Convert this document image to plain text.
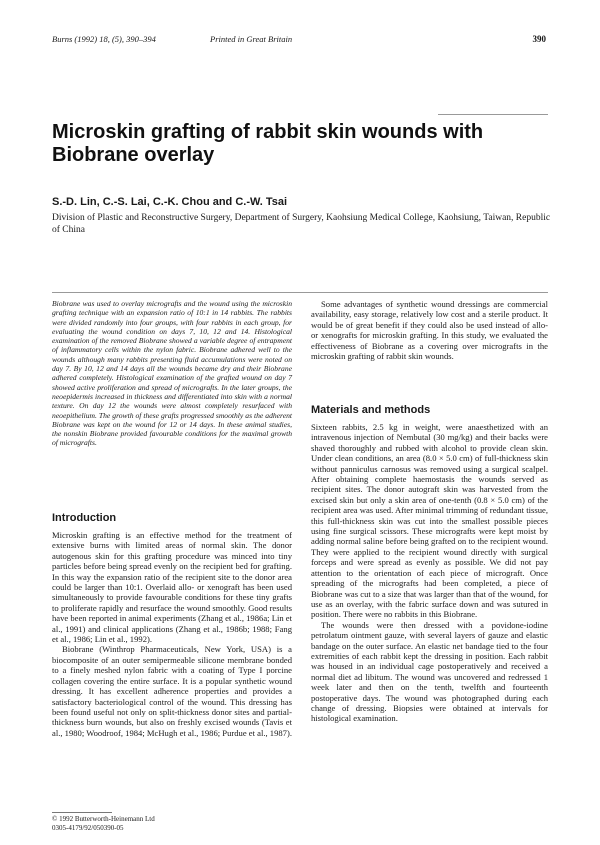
Burns (1992) 18, (5), 390–394	Printed in Great Britain	390
Microskin grafting of rabbit skin wounds with Biobrane overlay
S.-D. Lin, C.-S. Lai, C.-K. Chou and C.-W. Tsai
Division of Plastic and Reconstructive Surgery, Department of Surgery, Kaohsiung Medical College, Kaohsiung, Taiwan, Republic of China
Biobrane was used to overlay micrografts and the wound using the microskin grafting technique with an expansion ratio of 10:1 in 14 rabbits. The rabbits were divided randomly into four groups, with four rabbits in each group, for evaluating the wound condition on days 7, 10, 12 and 14. Histological examination of the removed Biobrane showed a variable degree of entrapment of inflammatory cells within the nylon fabric. Biobrane adhered well to the wounds although many rabbits presenting fluid accumulations were noted on day 7. By 10, 12 and 14 days all the wounds became dry and their Biobrane adhered completely. Histological examination of the grafted wound on day 7 showed active proliferation and spread of micrografts. In the later groups, the neoepidermis increased in thickness and differentiated into skin with a normal texture. On day 12 the wounds were almost completely resurfaced with neoepithelium. The growth of these grafts progressed smoothly as the adherent Biobrane was kept on the wound for 12 or 14 days. In these animal studies, the nonskin Biobrane provided favourable conditions for the maximal growth of micrografts.
Introduction

Microskin grafting is an effective method for the treatment of extensive burns with limited areas of normal skin. The donor autogenous skin for this grafting procedure was minced into tiny particles before being spread evenly on the recipient bed for grafting. In this way the expansion ratio of the recipient site to the donor area could be larger than 10:1. Overlaid allo- or xenograft has been used simultaneously to provide favourable conditions for these tiny grafts to proliferate rapidly and resurface the wound smoothly. Good results have been reported in animal experiments (Zhang et al., 1986a; Lin et al., 1991) and clinical applications (Zhang et al., 1986b; 1988; Fang et al., 1986; Lin et al., 1992).

Biobrane (Winthrop Pharmaceuticals, New York, USA) is a biocomposite of an outer semipermeable silicone membrane bonded to a finely meshed nylon fabric with a coating of Type I porcine collagen covering the entire surface. It is a popular synthetic wound dressing. It has excellent adherence properties and provides a satisfactory bacteriological control of the wound. This dressing has been found useful not only on split-thickness donor sites and partial-thickness burn wounds, but also on freshly excised wounds (Tavis et al., 1980; Woodroof, 1984; McHugh et al., 1986; Purdue et al., 1987).

© 1992 Butterworth-Heinemann Ltd
0305-4179/92/050390-05

Some advantages of synthetic wound dressings are commercial availability, easy storage, relatively low cost and a sterile product. It would be of great benefit if they could also be used instead of allo- or xenografts for microskin grafting. In this study, we evaluated the effectiveness of Biobrane as a covering over micrografts in the microskin grafting of rabbit skin wounds.

Materials and methods

Sixteen rabbits, 2.5 kg in weight, were anaesthetized with an intravenous injection of Nembutal (30 mg/kg) and their backs were shaved thoroughly and rubbed with alcohol to provide clean skin. Under clean conditions, an area (8.0 × 5.0 cm) of full-thickness skin without panniculus carnosus was removed using a surgical scalpel. After obtaining complete haemostasis the wounds served as recipient sites. The donor autograft skin was harvested from the excised skin but only a skin area of one-tenth (0.8 × 5.0 cm) of the recipient area was used. After minimal trimming of redundant tissue, this full-thickness skin was cut into the smallest possible pieces using fine surgical scissors. These micrografts were kept moist by adding normal saline before being grafted on to the recipient wound. They were applied to the recipient wound directly with surgical forceps and were spread as evenly as possible. We did not pay attention to the orientation of each piece of micrograft. Once spreading of the micrografts had been completed, a piece of Biobrane was cut to a size that was larger than that of the wound, for use as an overlay, with the fabric surface down and was sutured in position. There were no rabbits in this Biobrane.

The wounds were then dressed with a povidone-iodine petrolatum ointment gauze, with several layers of gauze and elastic bandage on the outer surface. An elastic net bandage tied to the four extremities of each rabbit kept the dressing in position. Each rabbit was housed in an individual cage postoperatively and received a normal diet ad libitum. The wound was uncovered and redressed 1 week later and then on the tenth, twelfth and fourteenth postoperative days. The wound was photographed during each change of dressing. Biopsies were obtained at intervals for histological examination.
